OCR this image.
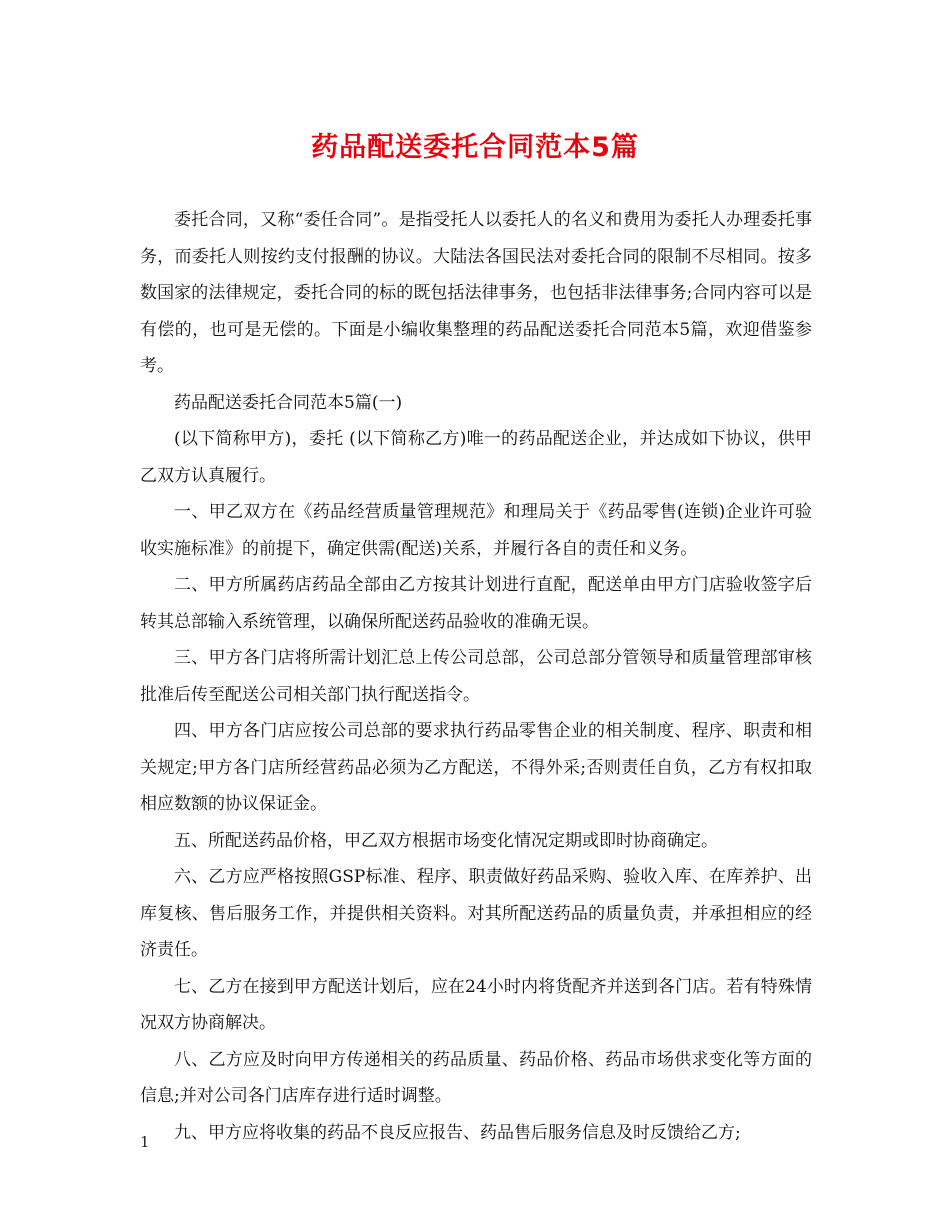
药品配送委托合同范本5篇

委托合同，又称“委任合同”。是指受托人以委托人的名义和费用为委托人办理委托事务，而委托人则按约支付报酬的协议。大陆法各国民法对委托合同的限制不尽相同。按多数国家的法律规定，委托合同的标的既包括法律事务，也包括非法律事务;合同内容可以是有偿的，也可是无偿的。下面是小编收集整理的药品配送委托合同范本5篇，欢迎借鉴参考。

药品配送委托合同范本5篇(一)

(以下简称甲方)，委托 (以下简称乙方)唯一的药品配送企业，并达成如下协议，供甲乙双方认真履行。

一、甲乙双方在《药品经营质量管理规范》和理局关于《药品零售(连锁)企业许可验收实施标准》的前提下，确定供需(配送)关系，并履行各自的责任和义务。

二、甲方所属药店药品全部由乙方按其计划进行直配，配送单由甲方门店验收签字后转其总部输入系统管理，以确保所配送药品验收的准确无误。

三、甲方各门店将所需计划汇总上传公司总部，公司总部分管领导和质量管理部审核批准后传至配送公司相关部门执行配送指令。

四、甲方各门店应按公司总部的要求执行药品零售企业的相关制度、程序、职责和相关规定;甲方各门店所经营药品必须为乙方配送，不得外采;否则责任自负，乙方有权扣取相应数额的协议保证金。

五、所配送药品价格，甲乙双方根据市场变化情况定期或即时协商确定。

六、乙方应严格按照GSP标准、程序、职责做好药品采购、验收入库、在库养护、出库复核、售后服务工作，并提供相关资料。对其所配送药品的质量负责，并承担相应的经济责任。

七、乙方在接到甲方配送计划后，应在24小时内将货配齐并送到各门店。若有特殊情况双方协商解决。

八、乙方应及时向甲方传递相关的药品质量、药品价格、药品市场供求变化等方面的信息;并对公司各门店库存进行适时调整。

九、甲方应将收集的药品不良反应报告、药品售后服务信息及时反馈给乙方;

1
